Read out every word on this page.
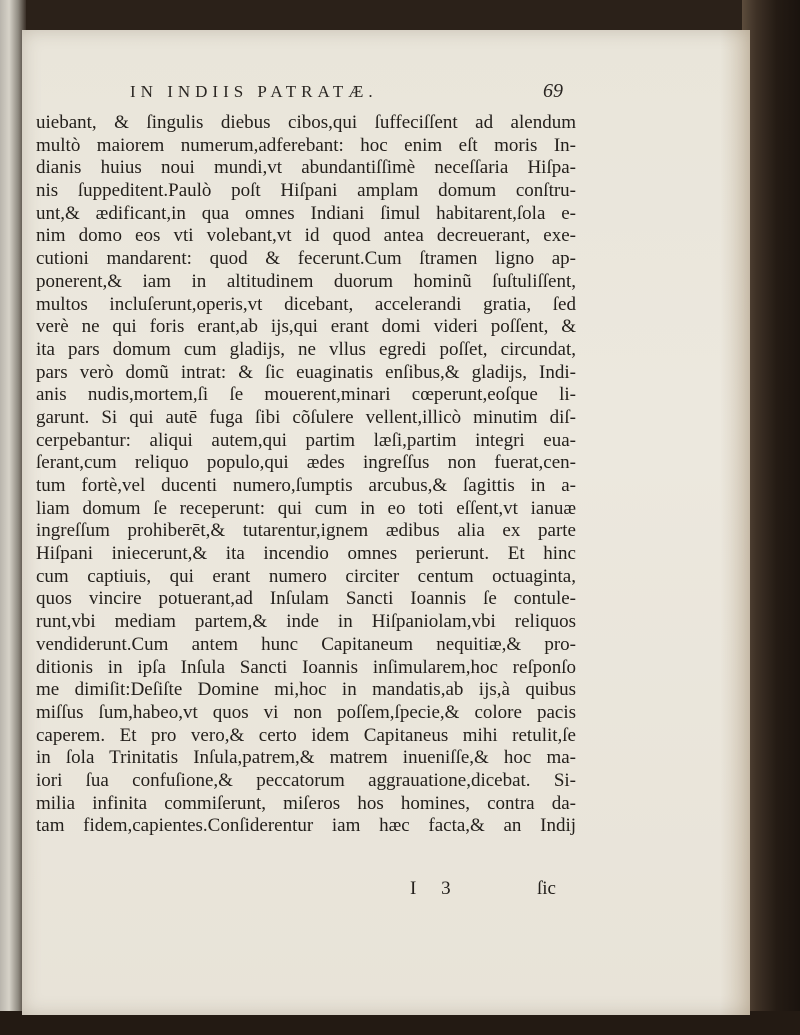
IN INDIIS PATRATÆ.	69
uiebant, & ſingulis diebus cibos,qui ſuffeciſſent ad alendum
multò maiorem numerum,adferebant: hoc enim eſt moris In-
dianis huius noui mundi,vt abundantiſſimè neceſſaria Hiſpa-
nis ſuppeditent.Paulò poſt Hiſpani amplam domum conſtru-
unt,& ædificant,in qua omnes Indiani ſimul habitarent,ſola e-
nim domo eos vti volebant,vt id quod antea decreuerant, exe-
cutioni mandarent: quod & fecerunt.Cum ſtramen ligno ap-
ponerent,& iam in altitudinem duorum hominũ ſuſtuliſſent,
multos incluſerunt,operis,vt dicebant, accelerandi gratia, ſed
verè ne qui foris erant,ab ijs,qui erant domi videri poſſent, &
ita pars domum cum gladijs, ne vllus egredi poſſet, circundat,
pars verò domũ intrat: & ſic euaginatis enſibus,& gladijs, Indi-
anis nudis,mortem,ſi ſe mouerent,minari cœperunt,eoſque li-
garunt. Si qui autē fuga ſibi cõſulere vellent,illicò minutim diſ-
cerpebantur: aliqui autem,qui partim læſi,partim integri eua-
ſerant,cum reliquo populo,qui ædes ingreſſus non fuerat,cen-
tum fortè,vel ducenti numero,ſumptis arcubus,& ſagittis in a-
liam domum ſe receperunt: qui cum in eo toti eſſent,vt ianuæ
ingreſſum prohiberēt,& tutarentur,ignem ædibus alia ex parte
Hiſpani iniecerunt,& ita incendio omnes perierunt. Et hinc
cum captiuis, qui erant numero circiter centum octuaginta,
quos vincire potuerant,ad Inſulam Sancti Ioannis ſe contule-
runt,vbi mediam partem,& inde in Hiſpaniolam,vbi reliquos
vendiderunt.Cum antem hunc Capitaneum nequitiæ,& pro-
ditionis in ipſa Inſula Sancti Ioannis inſimularem,hoc reſponſo
me dimiſit:Deſiſte Domine mi,hoc in mandatis,ab ijs,à quibus
miſſus ſum,habeo,vt quos vi non poſſem,ſpecie,& colore pacis
caperem. Et pro vero,& certo idem Capitaneus mihi retulit,ſe
in ſola Trinitatis Inſula,patrem,& matrem inueniſſe,& hoc ma-
iori ſua confuſione,& peccatorum aggrauatione,dicebat. Si-
milia infinita commiſerunt, miſeros hos homines, contra da-
tam fidem,capientes.Conſiderentur iam hæc facta,& an Indij
I 3	ſic
